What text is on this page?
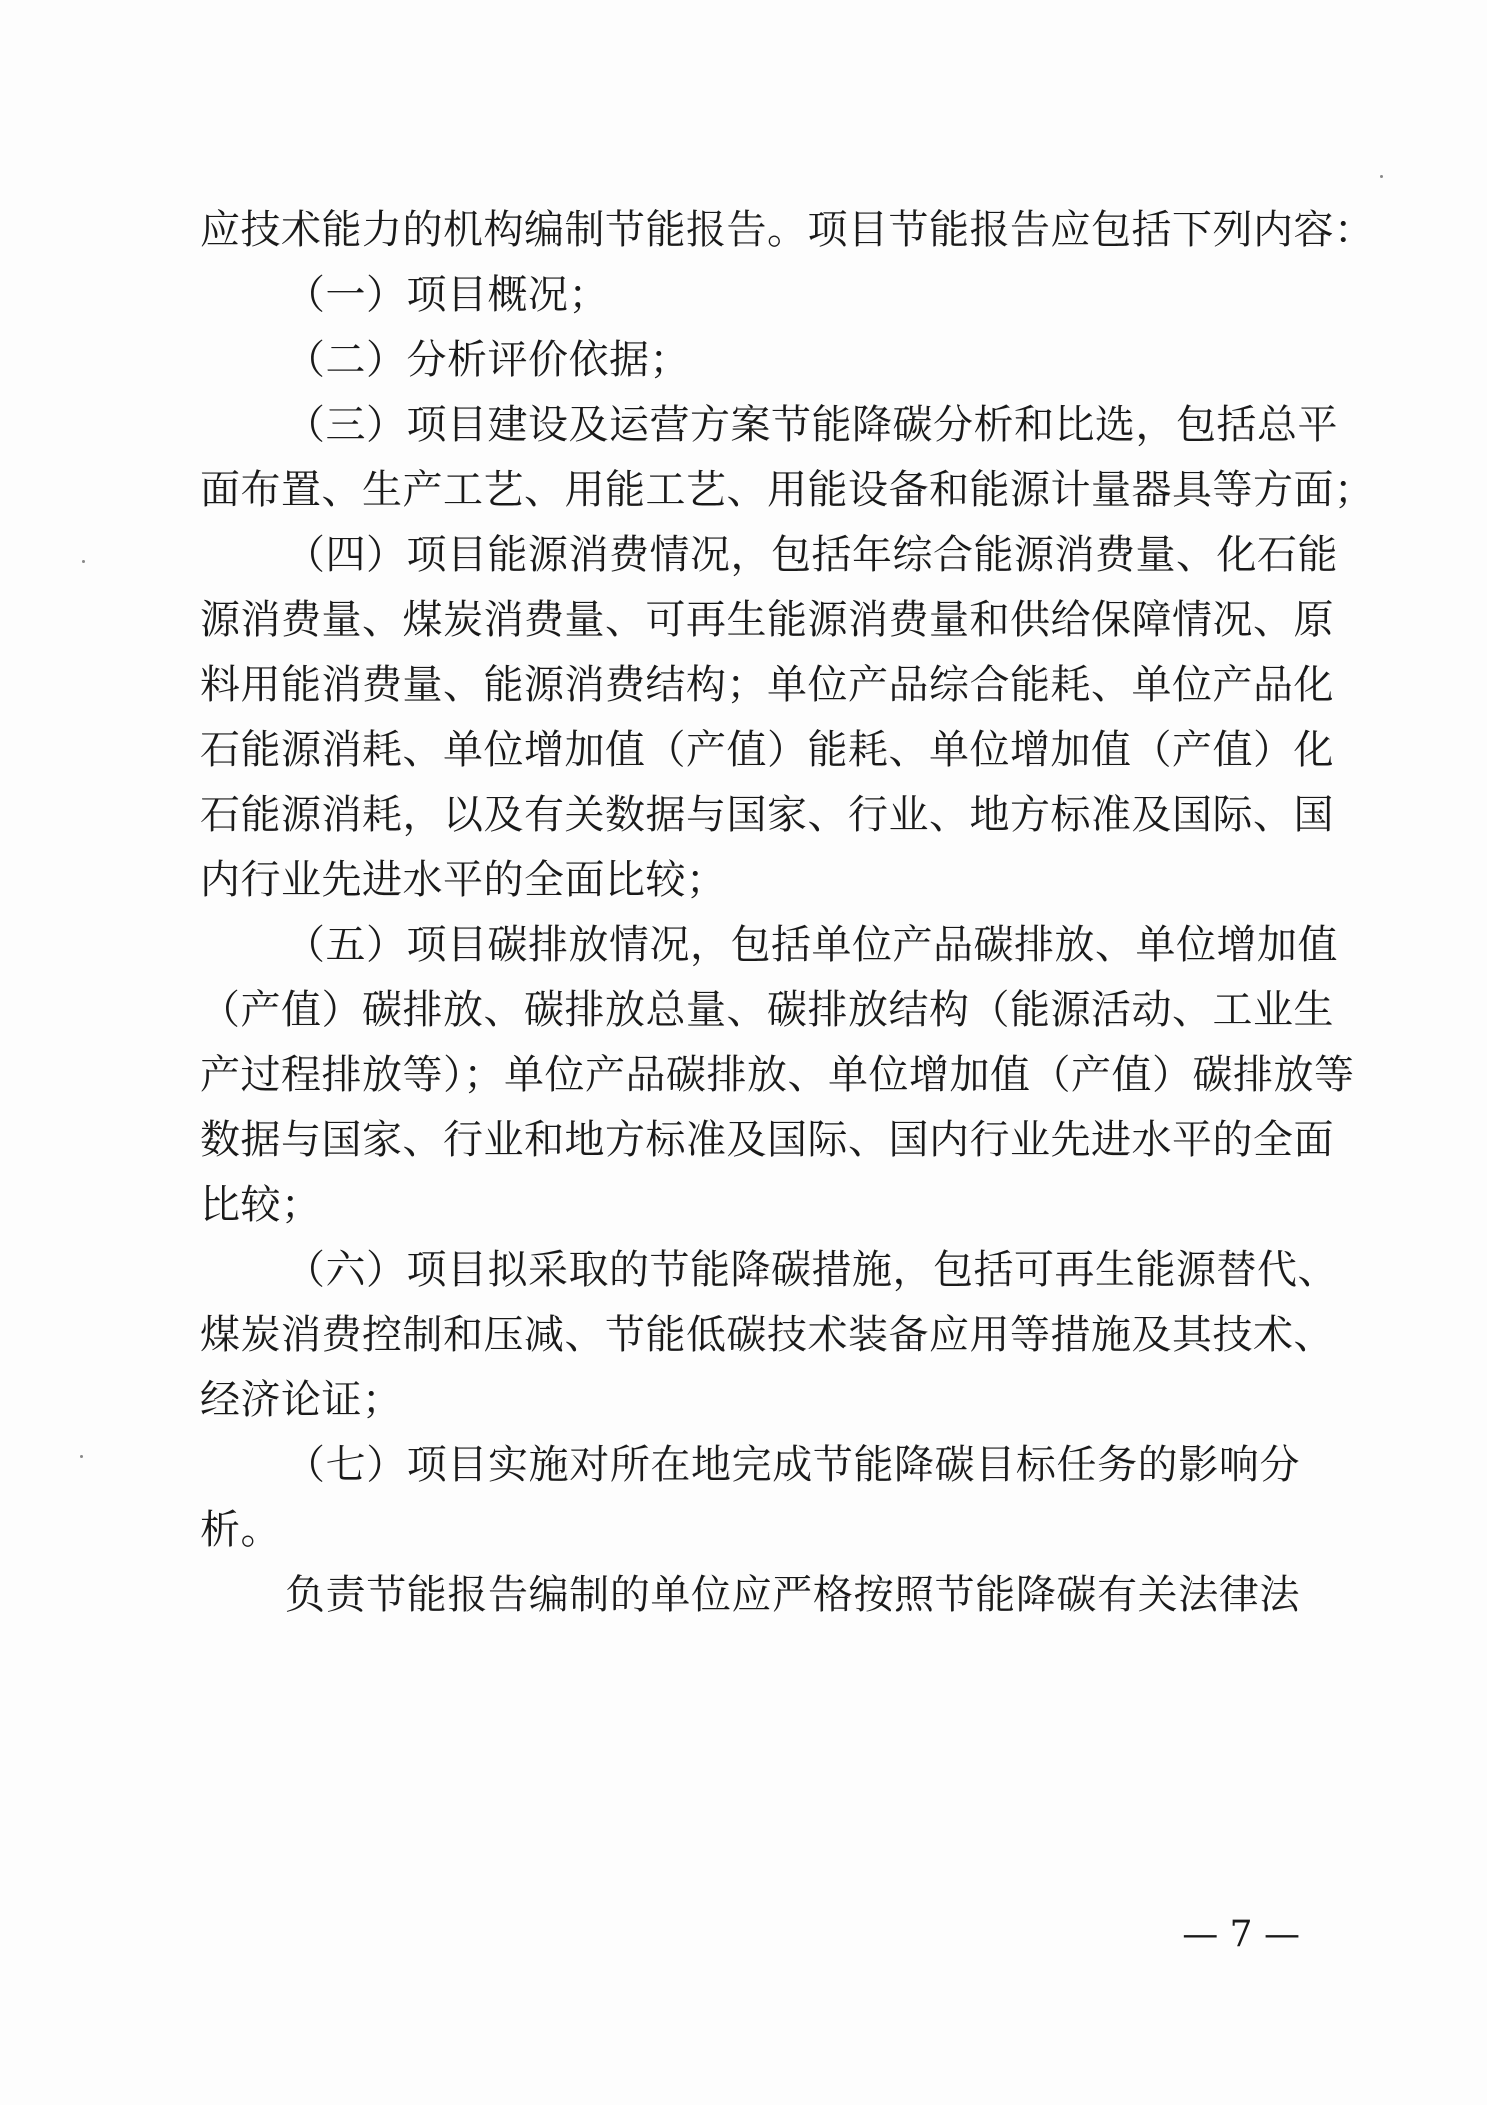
应技术能力的机构编制节能报告。项目节能报告应包括下列内容：
（一）项目概况；
（二）分析评价依据；
（三）项目建设及运营方案节能降碳分析和比选，包括总平
面布置、生产工艺、用能工艺、用能设备和能源计量器具等方面；
（四）项目能源消费情况，包括年综合能源消费量、化石能
源消费量、煤炭消费量、可再生能源消费量和供给保障情况、原
料用能消费量、能源消费结构；单位产品综合能耗、单位产品化
石能源消耗、单位增加值（产值）能耗、单位增加值（产值）化
石能源消耗，以及有关数据与国家、行业、地方标准及国际、国
内行业先进水平的全面比较；
（五）项目碳排放情况，包括单位产品碳排放、单位增加值
（产值）碳排放、碳排放总量、碳排放结构（能源活动、工业生
产过程排放等）；单位产品碳排放、单位增加值（产值）碳排放等
数据与国家、行业和地方标准及国际、国内行业先进水平的全面
比较；
（六）项目拟采取的节能降碳措施，包括可再生能源替代、
煤炭消费控制和压减、节能低碳技术装备应用等措施及其技术、
经济论证；
（七）项目实施对所在地完成节能降碳目标任务的影响分
析。
负责节能报告编制的单位应严格按照节能降碳有关法律法
— 7 —
